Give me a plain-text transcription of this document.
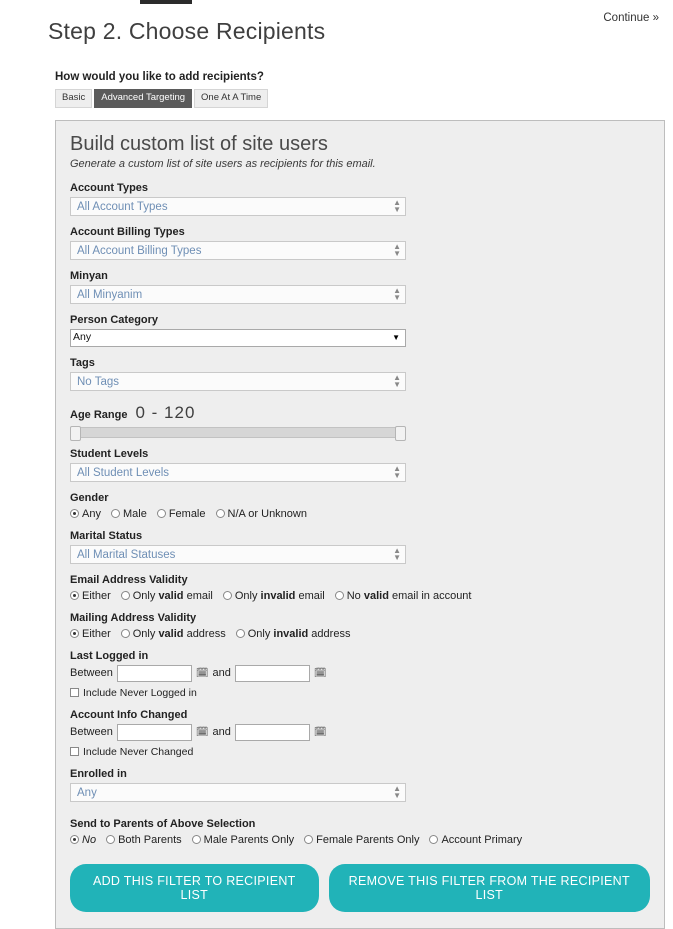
Continue »
Step 2. Choose Recipients
How would you like to add recipients?
Basic	Advanced Targeting	One At A Time
Build custom list of site users
Generate a custom list of site users as recipients for this email.
Account Types
All Account Types	▲
▼
Account Billing Types
All Account Billing Types	▲
▼
Minyan
All Minyanim	▲
▼
Person Category
Any	▼
Tags
No Tags	▲
▼
Age Range 0 - 120
Student Levels
All Student Levels	▲
▼
Gender
Any Male Female N/A or Unknown
Marital Status
All Marital Statuses	▲
▼
Email Address Validity
Either Only valid email Only invalid email No valid email in account
Mailing Address Validity
Either Only valid address Only invalid address
Last Logged in
Between	🗓 and	🗓
Include Never Logged in
Account Info Changed
Between	🗓 and	🗓
Include Never Changed
Enrolled in
Any	▲
▼
Send to Parents of Above Selection
No Both Parents Male Parents Only Female Parents Only Account Primary
ADD THIS FILTER TO RECIPIENT LIST
REMOVE THIS FILTER FROM THE RECIPIENT LIST
